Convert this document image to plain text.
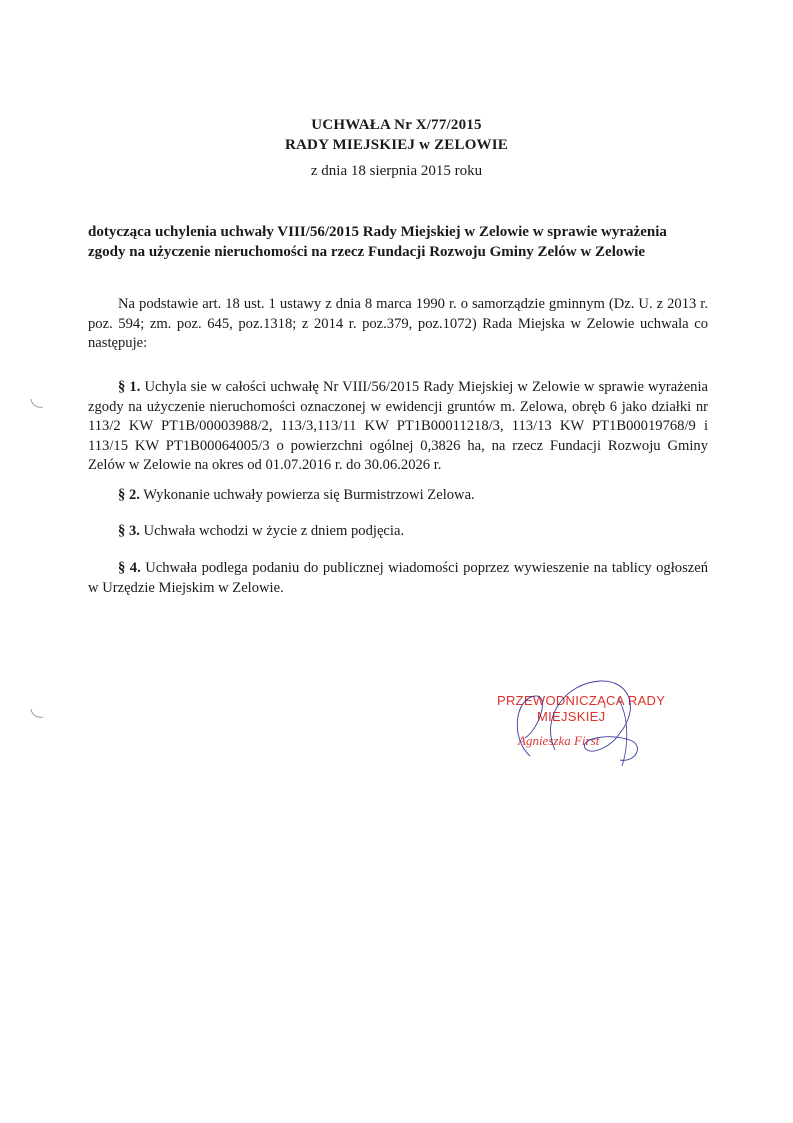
UCHWAŁA Nr X/77/2015
RADY MIEJSKIEJ w ZELOWIE
z dnia 18 sierpnia 2015 roku
dotycząca uchylenia uchwały VIII/56/2015 Rady Miejskiej w Zelowie w sprawie wyrażenia zgody na użyczenie nieruchomości na rzecz Fundacji Rozwoju Gminy Zelów w Zelowie
Na podstawie art. 18 ust. 1 ustawy z dnia 8 marca 1990 r. o samorządzie gminnym (Dz. U. z 2013 r. poz. 594; zm. poz. 645, poz.1318; z 2014 r. poz.379, poz.1072) Rada Miejska w Zelowie uchwala co następuje:
§ 1. Uchyla sie w całości uchwałę Nr VIII/56/2015 Rady Miejskiej w Zelowie w sprawie wyrażenia zgody na użyczenie nieruchomości oznaczonej w ewidencji gruntów m. Zelowa, obręb 6 jako działki nr 113/2 KW PT1B/00003988/2, 113/3,113/11 KW PT1B00011218/3, 113/13 KW PT1B00019768/9 i 113/15 KW PT1B00064005/3 o powierzchni ogólnej 0,3826 ha, na rzecz Fundacji Rozwoju Gminy Zelów w Zelowie na okres od 01.07.2016 r. do 30.06.2026 r.
§ 2. Wykonanie uchwały powierza się Burmistrzowi Zelowa.
§ 3. Uchwała wchodzi w życie z dniem podjęcia.
§ 4. Uchwała podlega podaniu do publicznej wiadomości poprzez wywieszenie na tablicy ogłoszeń w Urzędzie Miejskim w Zelowie.
PRZEWODNICZĄCA RADY
MIEJSKIEJ
Agnieszka First
